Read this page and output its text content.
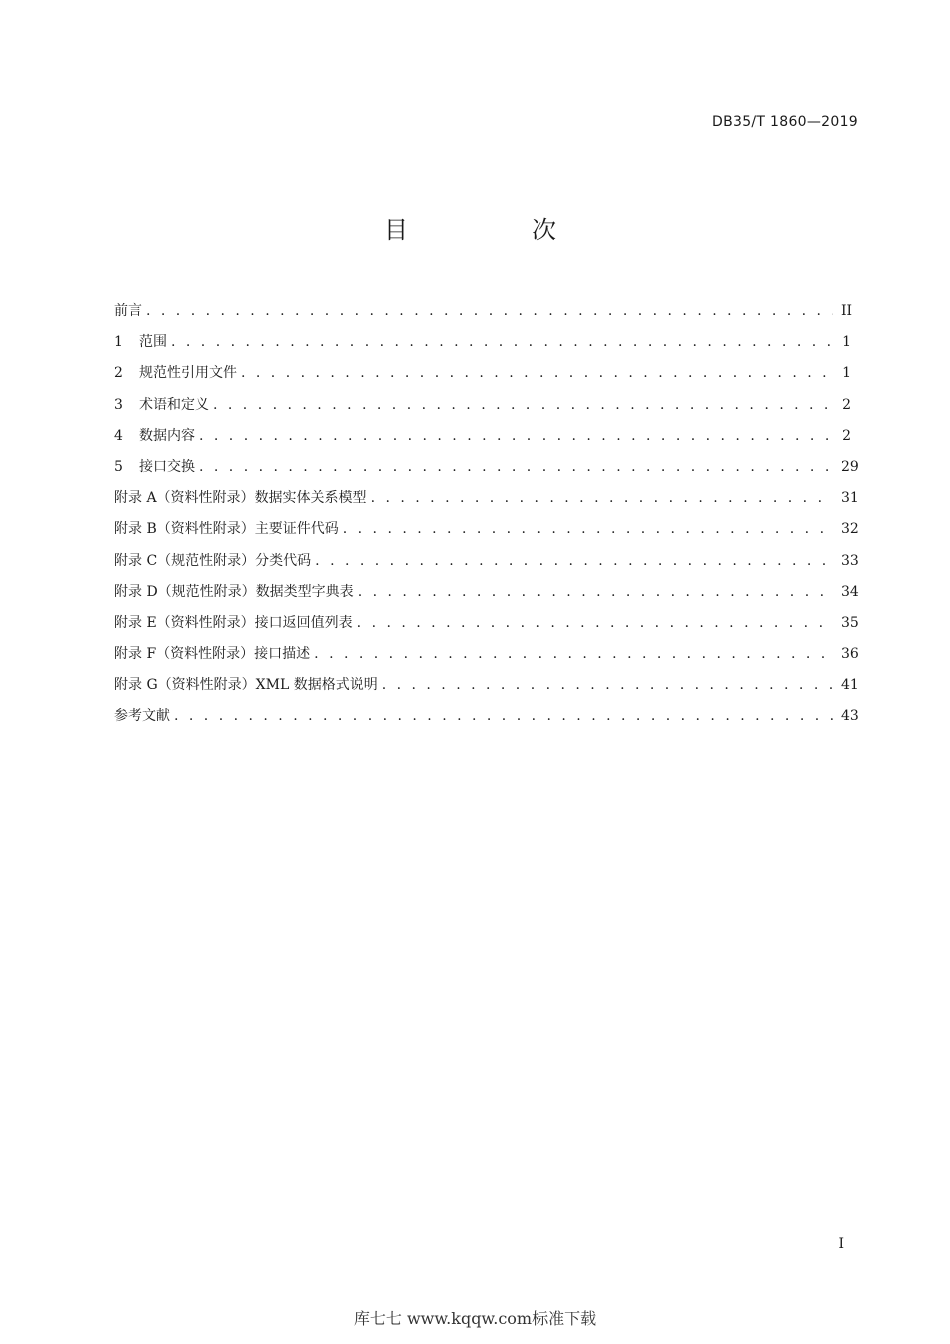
DB35/T 1860—2019
目　次
前言 . . .	II
1	范围 . . .	1
2	规范性引用文件 . . .	1
3	术语和定义 . . .	2
4	数据内容 . . .	2
5	接口交换 . . .	29
附录 A（资料性附录） 数据实体关系模型 . . .	31
附录 B（资料性附录） 主要证件代码 . . .	32
附录 C（规范性附录） 分类代码 . . .	33
附录 D（规范性附录） 数据类型字典表 . . .	34
附录 E（资料性附录） 接口返回值列表 . . .	35
附录 F（资料性附录） 接口描述 . . .	36
附录 G（资料性附录） XML 数据格式说明 . . .	41
参考文献 . . .	43
I
库七七 www.kqqw.com标准下载
